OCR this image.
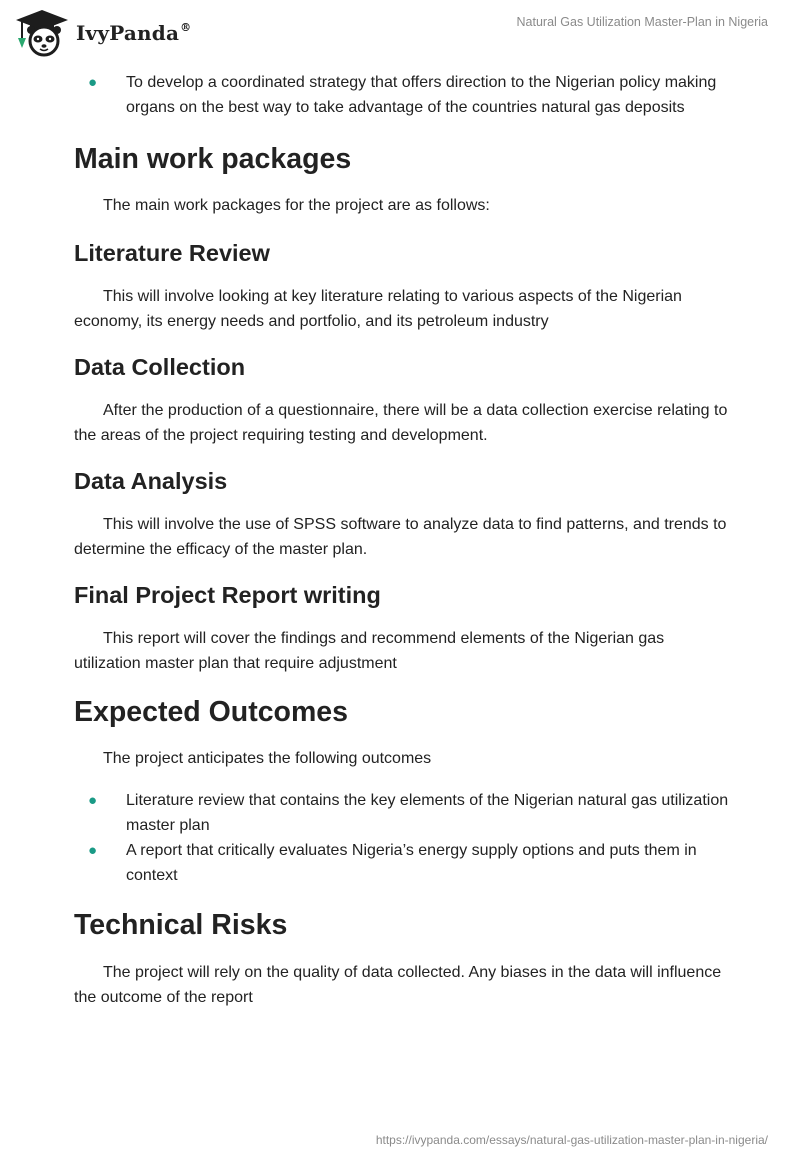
IvyPanda®	Natural Gas Utilization Master-Plan in Nigeria
● To develop a coordinated strategy that offers direction to the Nigerian policy making organs on the best way to take advantage of the countries natural gas deposits
Main work packages

The main work packages for the project are as follows:

Literature Review

This will involve looking at key literature relating to various aspects of the Nigerian economy, its energy needs and portfolio, and its petroleum industry

Data Collection

After the production of a questionnaire, there will be a data collection exercise relating to the areas of the project requiring testing and development.

Data Analysis

This will involve the use of SPSS software to analyze data to find patterns, and trends to determine the efficacy of the master plan.

Final Project Report writing

This report will cover the findings and recommend elements of the Nigerian gas utilization master plan that require adjustment

Expected Outcomes

The project anticipates the following outcomes

● Literature review that contains the key elements of the Nigerian natural gas utilization master plan
● A report that critically evaluates Nigeria’s energy supply options and puts them in context
Technical Risks

The project will rely on the quality of data collected. Any biases in the data will influence the outcome of the report

https://ivypanda.com/essays/natural-gas-utilization-master-plan-in-nigeria/
